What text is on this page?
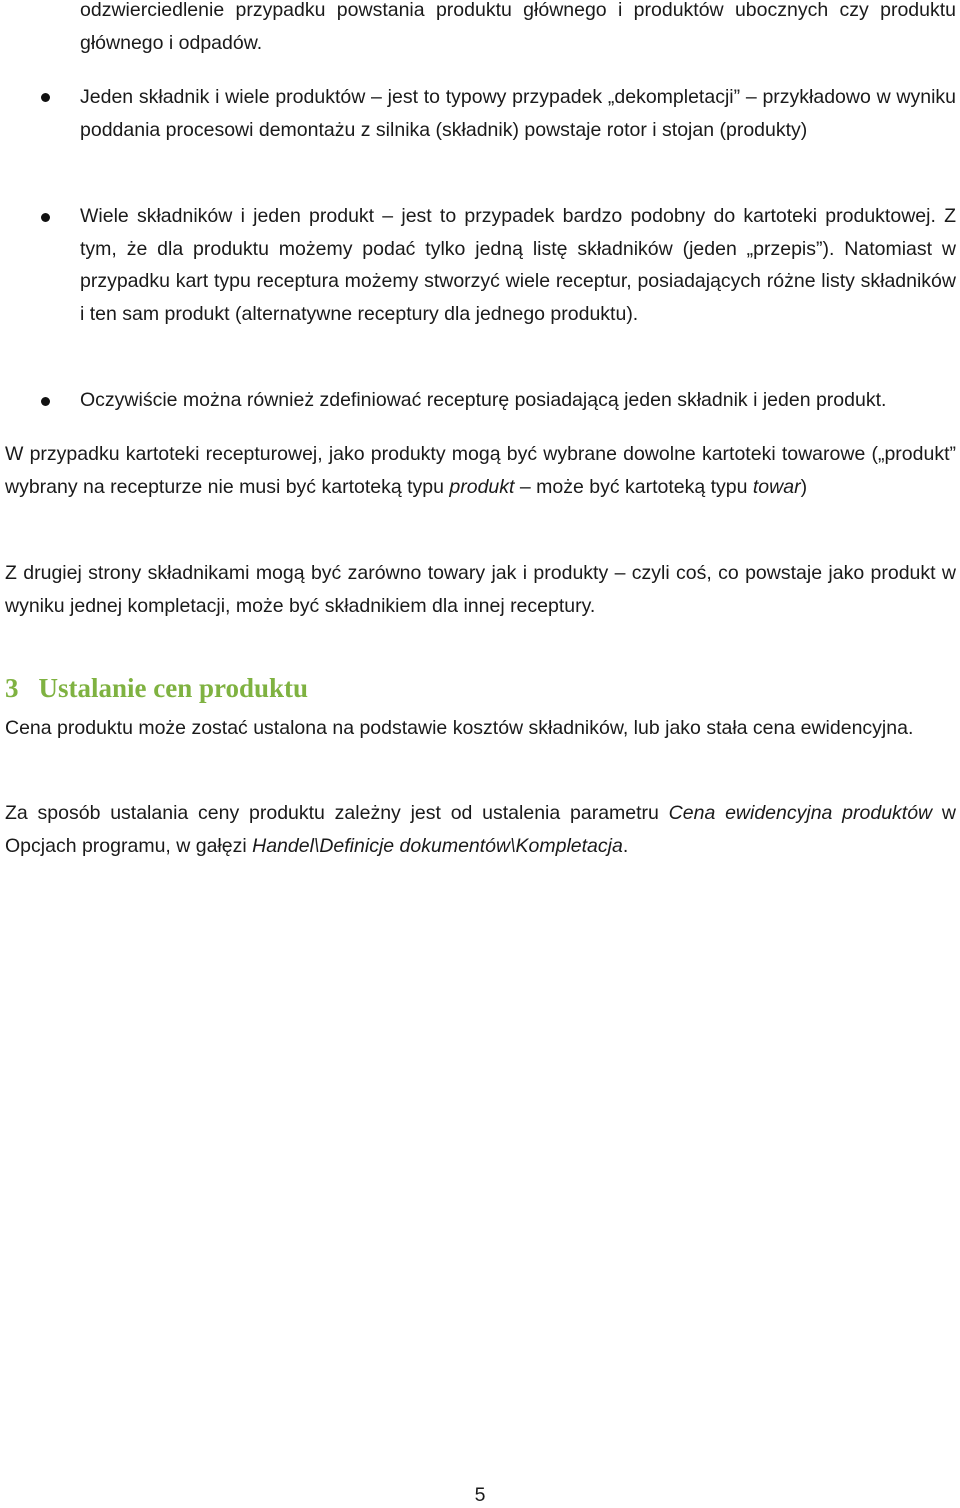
odzwierciedlenie przypadku powstania produktu głównego i produktów ubocznych czy produktu głównego i odpadów.

Jeden składnik i wiele produktów – jest to typowy przypadek „dekompletacji” – przykładowo w wyniku poddania procesowi demontażu z silnika (składnik) powstaje rotor i stojan (produkty)

Wiele składników i jeden produkt – jest to przypadek bardzo podobny do kartoteki produktowej. Z tym, że dla produktu możemy podać tylko jedną listę składników (jeden „przepis”). Natomiast w przypadku kart typu receptura możemy stworzyć wiele receptur, posiadających różne listy składników i ten sam produkt (alternatywne receptury dla jednego produktu).

Oczywiście można również zdefiniować recepturę posiadającą jeden składnik i jeden produkt.

W przypadku kartoteki recepturowej, jako produkty mogą być wybrane dowolne kartoteki towarowe („produkt” wybrany na recepturze nie musi być kartoteką typu produkt – może być kartoteką typu towar)

Z drugiej strony składnikami mogą być zarówno towary jak i produkty – czyli coś, co powstaje jako produkt w wyniku jednej kompletacji, może być składnikiem dla innej receptury.

3 Ustalanie cen produktu

Cena produktu może zostać ustalona na podstawie kosztów składników, lub jako stała cena ewidencyjna.

Za sposób ustalania ceny produktu zależny jest od ustalenia parametru Cena ewidencyjna produktów w Opcjach programu, w gałęzi Handel\Definicje dokumentów\Kompletacja.

5
